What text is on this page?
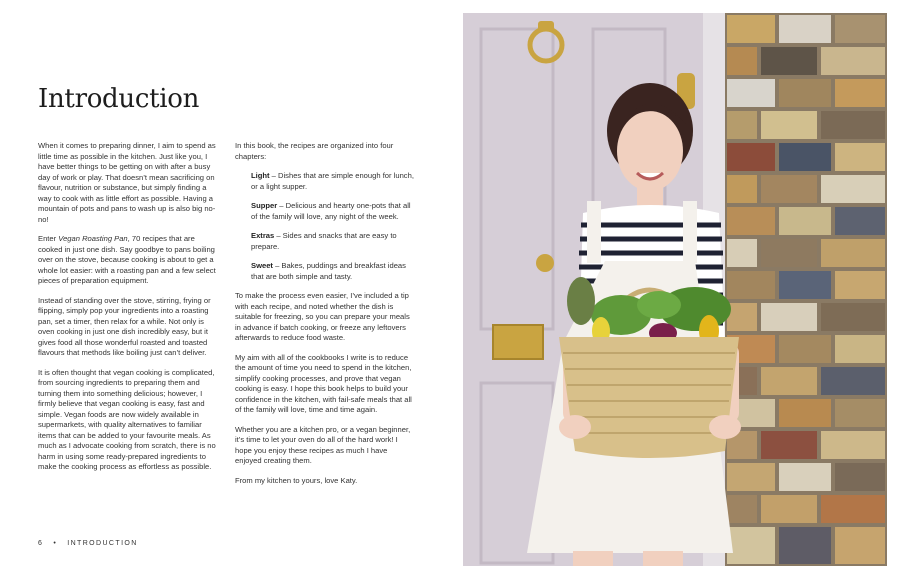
Introduction

When it comes to preparing dinner, I aim to spend as little time as possible in the kitchen. Just like you, I have better things to be getting on with after a busy day of work or play. That doesn’t mean sacrificing on flavour, nutrition or substance, but simply finding a way to cook with as little effort as possible. Having a mountain of pots and pans to wash up is also big no-no!

Enter Vegan Roasting Pan, 70 recipes that are cooked in just one dish. Say goodbye to pans boiling over on the stove, because cooking is about to get a whole lot easier: with a roasting pan and a few select pieces of preparation equipment.

Instead of standing over the stove, stirring, frying or flipping, simply pop your ingredients into a roasting pan, set a timer, then relax for a while. Not only is oven cooking in just one dish incredibly easy, but it gives food all those wonderful roasted and toasted flavours that methods like boiling just can’t deliver.

It is often thought that vegan cooking is complicated, from sourcing ingredients to preparing them and turning them into something delicious; however, I firmly believe that vegan cooking is easy, fast and simple. Vegan foods are now widely available in supermarkets, with quality alternatives to familiar items that can be added to your favourite meals. As much as I advocate cooking from scratch, there is no harm in using some ready-prepared ingredients to make the cooking process as effortless as possible.

In this book, the recipes are organized into four chapters:

Light – Dishes that are simple enough for lunch, or a light supper.

Supper – Delicious and hearty one-pots that all of the family will love, any night of the week.

Extras – Sides and snacks that are easy to prepare.

Sweet – Bakes, puddings and breakfast ideas that are both simple and tasty.

To make the process even easier, I’ve included a tip with each recipe, and noted whether the dish is suitable for freezing, so you can prepare your meals in advance if batch cooking, or freeze any leftovers afterwards to reduce food waste.

My aim with all of the cookbooks I write is to reduce the amount of time you need to spend in the kitchen, simplify cooking processes, and prove that vegan cooking is easy. I hope this book helps to build your confidence in the kitchen, with fail-safe meals that all of the family will love, time and time again.

Whether you are a kitchen pro, or a vegan beginner, it’s time to let your oven do all of the hard work! I hope you enjoy these recipes as much I have enjoyed creating them.

From my kitchen to yours, love Katy.

6 • INTRODUCTION
